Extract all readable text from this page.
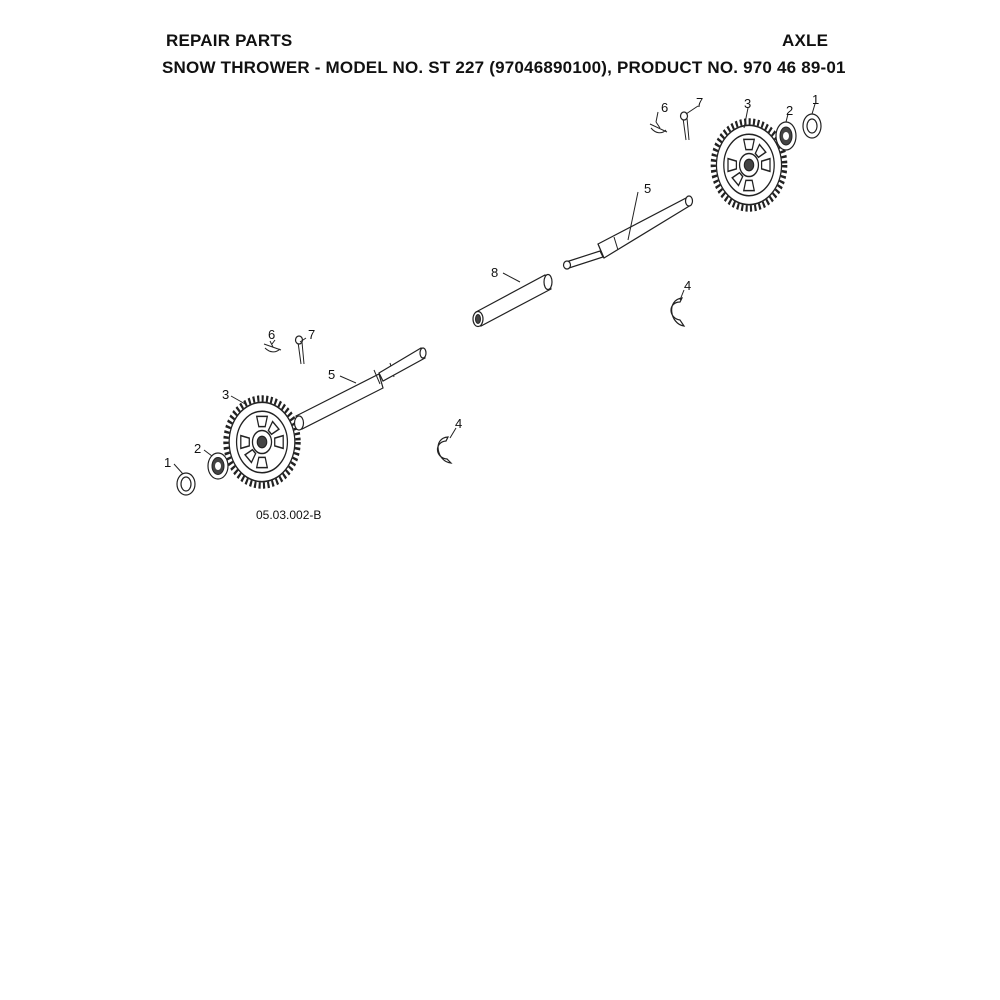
REPAIR PARTS	AXLE
SNOW THROWER - MODEL NO. ST 227 (97046890100), PRODUCT NO. 970 46 89-01
1
2
3
6 7
5
8
4
6	7
5
3
2
1
4
05.03.002-B
